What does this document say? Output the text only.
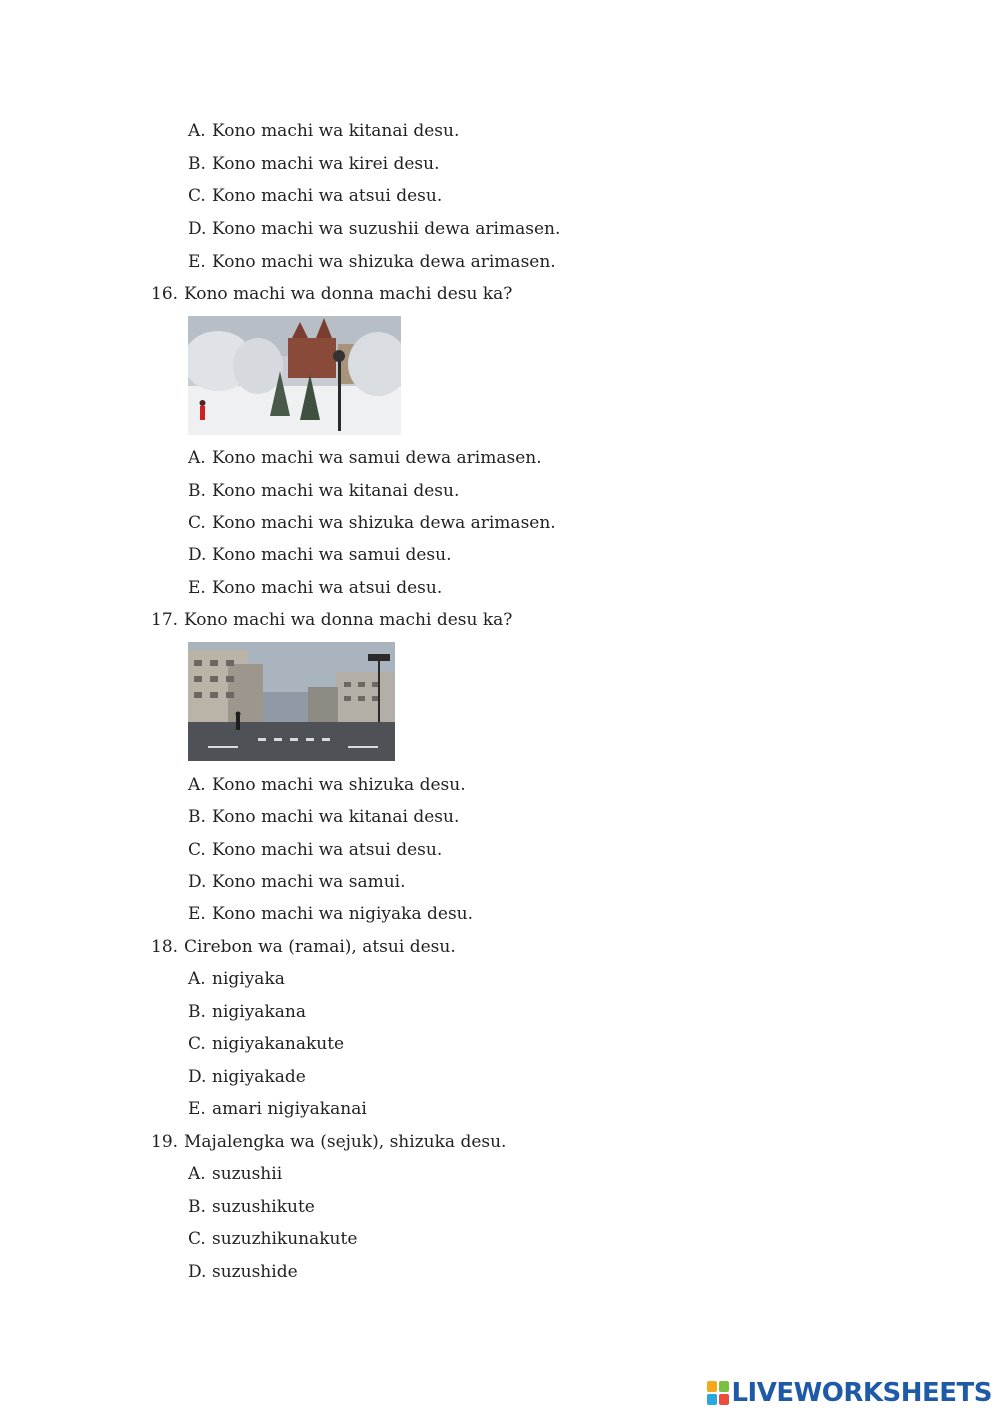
A. Kono machi wa kitanai desu.
B. Kono machi wa kirei desu.
C. Kono machi wa atsui desu.
D. Kono machi wa suzushii dewa arimasen.
E. Kono machi wa shizuka dewa arimasen.
16. Kono machi wa donna machi desu ka?
A. Kono machi wa samui dewa arimasen.
B. Kono machi wa kitanai desu.
C. Kono machi wa shizuka dewa arimasen.
D. Kono machi wa samui desu.
E. Kono machi wa atsui desu.
17. Kono machi wa donna machi desu ka?
A. Kono machi wa shizuka desu.
B. Kono machi wa kitanai desu.
C. Kono machi wa atsui desu.
D. Kono machi wa samui.
E. Kono machi wa nigiyaka desu.
18. Cirebon wa (ramai), atsui desu.
A. nigiyaka
B. nigiyakana
C. nigiyakanakute
D. nigiyakade
E. amari nigiyakanai
19. Majalengka wa (sejuk), shizuka desu.
A. suzushii
B. suzushikute
C. suzuzhikunakute
D. suzushide
LIVEWORKSHEETS
